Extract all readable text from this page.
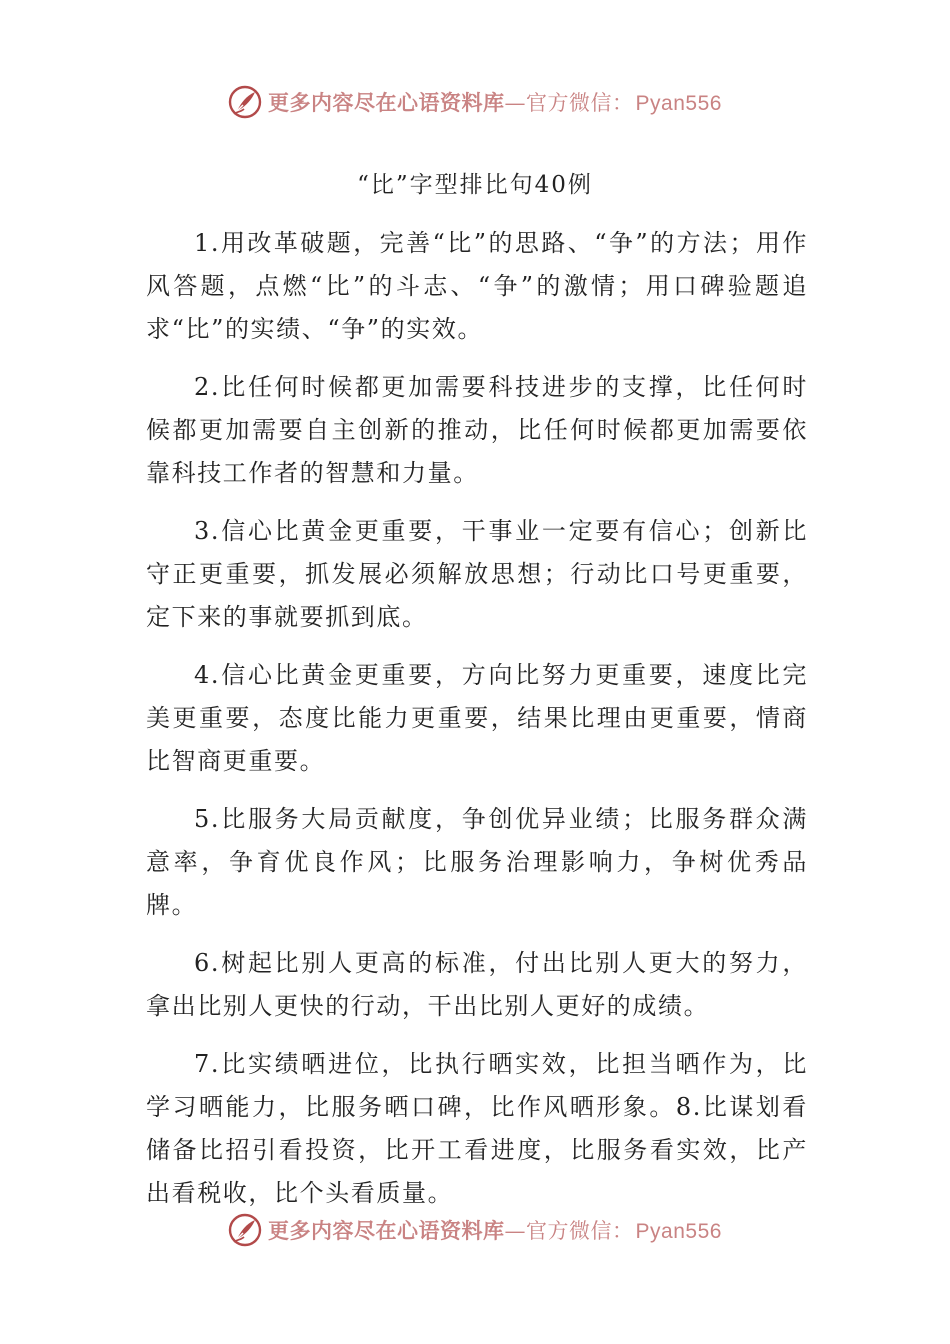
更多内容尽在心语资料库—官方微信：Pyan556
“比”字型排比句40例

1.用改革破题，完善“比”的思路、“争”的方法；用作风答题，点燃“比”的斗志、“争”的激情；用口碑验题追求“比”的实绩、“争”的实效。

2.比任何时候都更加需要科技进步的支撑，比任何时候都更加需要自主创新的推动，比任何时候都更加需要依靠科技工作者的智慧和力量。

3.信心比黄金更重要，干事业一定要有信心；创新比守正更重要，抓发展必须解放思想；行动比口号更重要，定下来的事就要抓到底。

4.信心比黄金更重要，方向比努力更重要，速度比完美更重要，态度比能力更重要，结果比理由更重要，情商比智商更重要。

5.比服务大局贡献度，争创优异业绩；比服务群众满意率，争育优良作风；比服务治理影响力，争树优秀品牌。

6.树起比别人更高的标准，付出比别人更大的努力，拿出比别人更快的行动，干出比别人更好的成绩。

7.比实绩晒进位，比执行晒实效，比担当晒作为，比学习晒能力，比服务晒口碑，比作风晒形象。8.比谋划看储备比招引看投资，比开工看进度，比服务看实效，比产出看税收，比个头看质量。

更多内容尽在心语资料库—官方微信：Pyan556
